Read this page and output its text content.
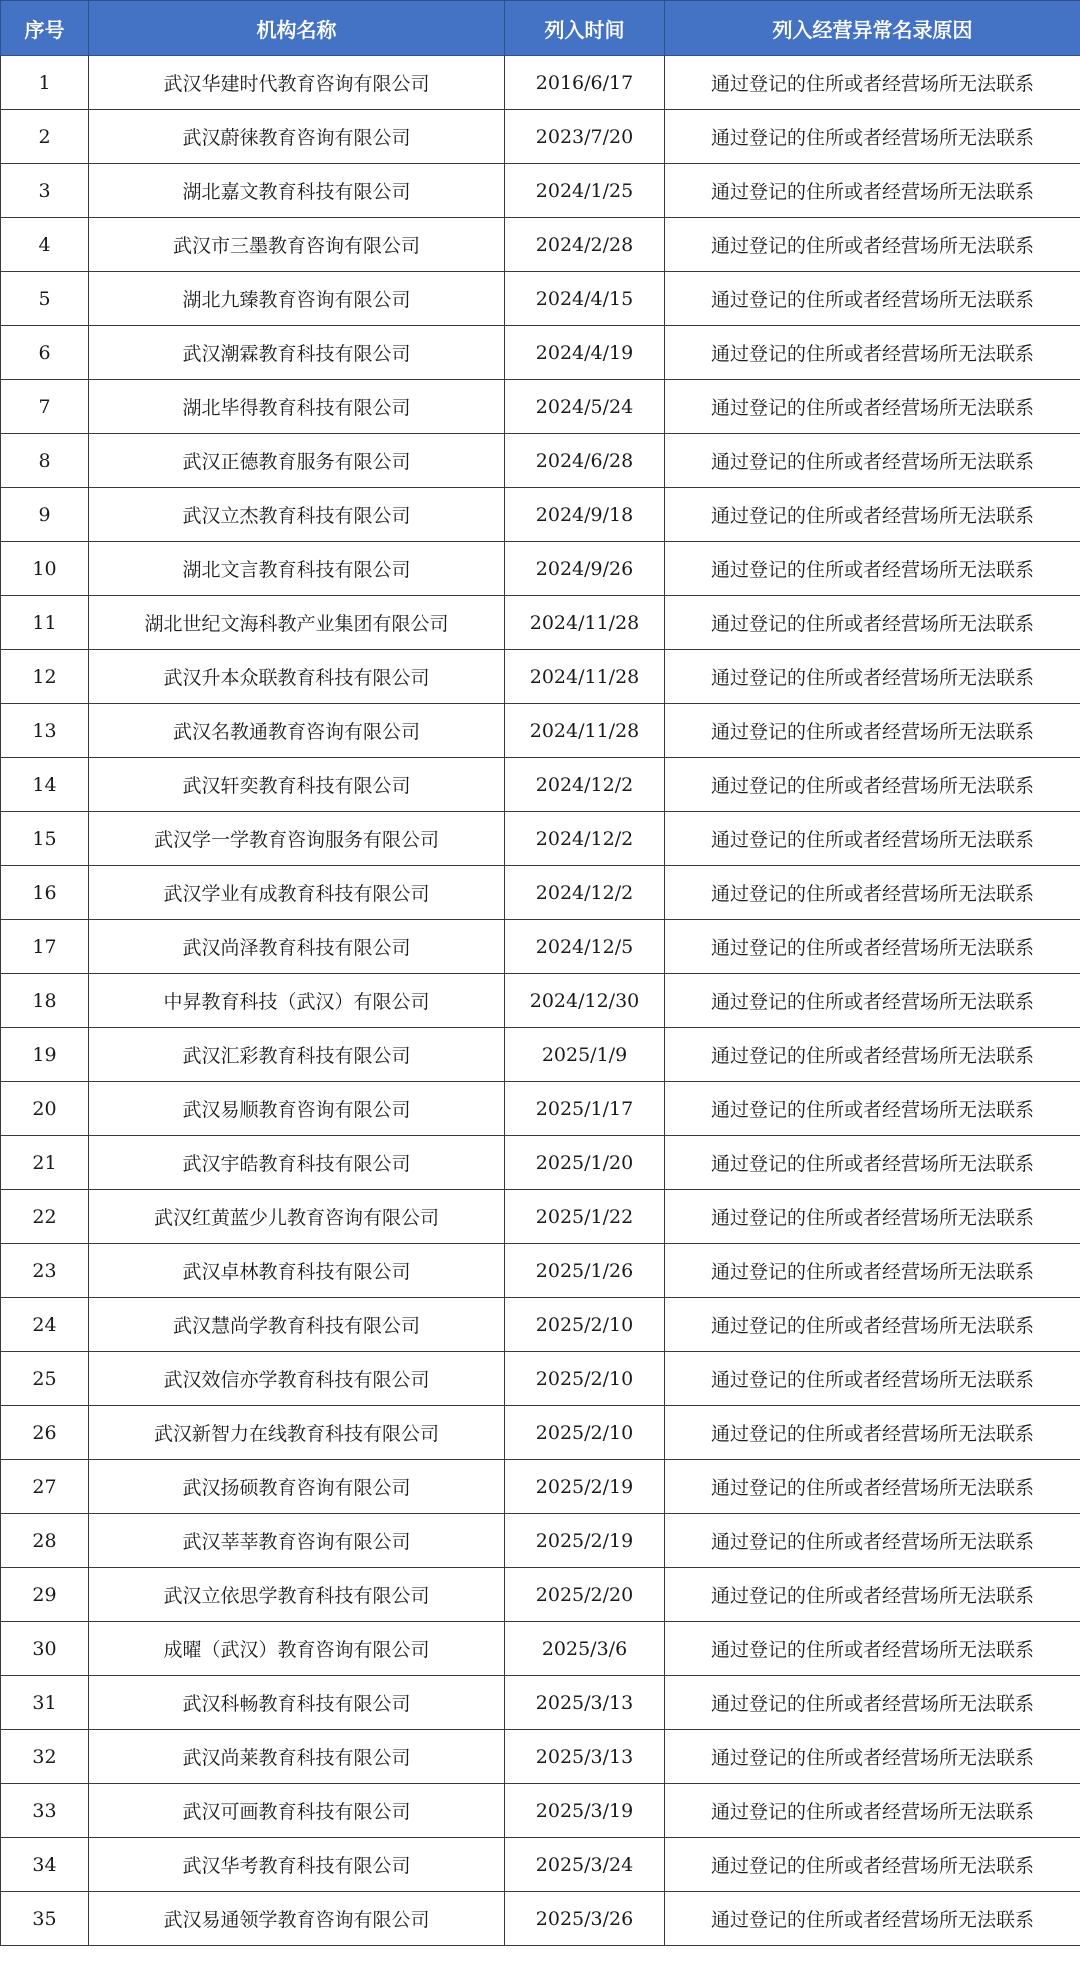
序号	机构名称	列入时间	列入经营异常名录原因
1	武汉华建时代教育咨询有限公司	2016/6/17	通过登记的住所或者经营场所无法联系
2	武汉蔚徕教育咨询有限公司	2023/7/20	通过登记的住所或者经营场所无法联系
3	湖北嘉文教育科技有限公司	2024/1/25	通过登记的住所或者经营场所无法联系
4	武汉市三墨教育咨询有限公司	2024/2/28	通过登记的住所或者经营场所无法联系
5	湖北九臻教育咨询有限公司	2024/4/15	通过登记的住所或者经营场所无法联系
6	武汉潮霖教育科技有限公司	2024/4/19	通过登记的住所或者经营场所无法联系
7	湖北毕得教育科技有限公司	2024/5/24	通过登记的住所或者经营场所无法联系
8	武汉正德教育服务有限公司	2024/6/28	通过登记的住所或者经营场所无法联系
9	武汉立杰教育科技有限公司	2024/9/18	通过登记的住所或者经营场所无法联系
10	湖北文言教育科技有限公司	2024/9/26	通过登记的住所或者经营场所无法联系
11	湖北世纪文海科教产业集团有限公司	2024/11/28	通过登记的住所或者经营场所无法联系
12	武汉升本众联教育科技有限公司	2024/11/28	通过登记的住所或者经营场所无法联系
13	武汉名教通教育咨询有限公司	2024/11/28	通过登记的住所或者经营场所无法联系
14	武汉轩奕教育科技有限公司	2024/12/2	通过登记的住所或者经营场所无法联系
15	武汉学一学教育咨询服务有限公司	2024/12/2	通过登记的住所或者经营场所无法联系
16	武汉学业有成教育科技有限公司	2024/12/2	通过登记的住所或者经营场所无法联系
17	武汉尚泽教育科技有限公司	2024/12/5	通过登记的住所或者经营场所无法联系
18	中昇教育科技（武汉）有限公司	2024/12/30	通过登记的住所或者经营场所无法联系
19	武汉汇彩教育科技有限公司	2025/1/9	通过登记的住所或者经营场所无法联系
20	武汉易顺教育咨询有限公司	2025/1/17	通过登记的住所或者经营场所无法联系
21	武汉宇皓教育科技有限公司	2025/1/20	通过登记的住所或者经营场所无法联系
22	武汉红黄蓝少儿教育咨询有限公司	2025/1/22	通过登记的住所或者经营场所无法联系
23	武汉卓林教育科技有限公司	2025/1/26	通过登记的住所或者经营场所无法联系
24	武汉慧尚学教育科技有限公司	2025/2/10	通过登记的住所或者经营场所无法联系
25	武汉效信亦学教育科技有限公司	2025/2/10	通过登记的住所或者经营场所无法联系
26	武汉新智力在线教育科技有限公司	2025/2/10	通过登记的住所或者经营场所无法联系
27	武汉扬硕教育咨询有限公司	2025/2/19	通过登记的住所或者经营场所无法联系
28	武汉莘莘教育咨询有限公司	2025/2/19	通过登记的住所或者经营场所无法联系
29	武汉立依思学教育科技有限公司	2025/2/20	通过登记的住所或者经营场所无法联系
30	成曜（武汉）教育咨询有限公司	2025/3/6	通过登记的住所或者经营场所无法联系
31	武汉科畅教育科技有限公司	2025/3/13	通过登记的住所或者经营场所无法联系
32	武汉尚莱教育科技有限公司	2025/3/13	通过登记的住所或者经营场所无法联系
33	武汉可画教育科技有限公司	2025/3/19	通过登记的住所或者经营场所无法联系
34	武汉华考教育科技有限公司	2025/3/24	通过登记的住所或者经营场所无法联系
35	武汉易通领学教育咨询有限公司	2025/3/26	通过登记的住所或者经营场所无法联系
